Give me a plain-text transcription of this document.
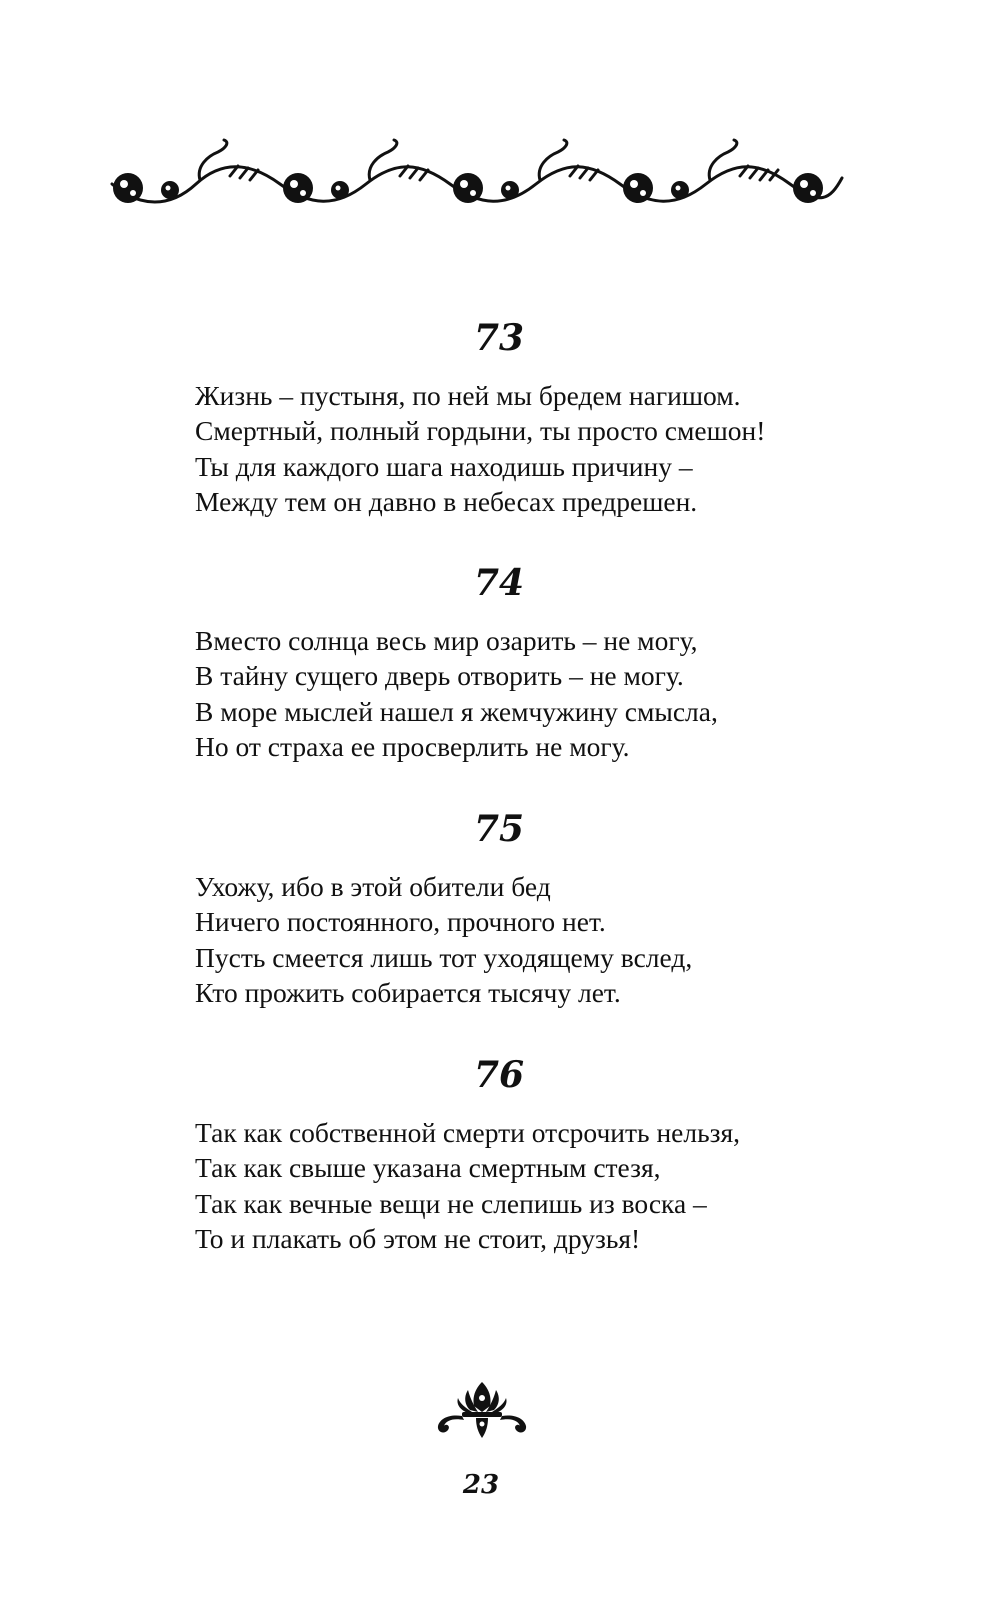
73
Жизнь – пустыня, по ней мы бредем нагишом.
Смертный, полный гордыни, ты просто смешон!
Ты для каждого шага находишь причину –
Между тем он давно в небесах предрешен.
74
Вместо солнца весь мир озарить – не могу,
В тайну сущего дверь отворить – не могу.
В море мыслей нашел я жемчужину смысла,
Но от страха ее просверлить не могу.
75
Ухожу, ибо в этой обители бед
Ничего постоянного, прочного нет.
Пусть смеется лишь тот уходящему вслед,
Кто прожить собирается тысячу лет.
76
Так как собственной смерти отсрочить нельзя,
Так как свыше указана смертным стезя,
Так как вечные вещи не слепишь из воска –
То и плакать об этом не стоит, друзья!
23
